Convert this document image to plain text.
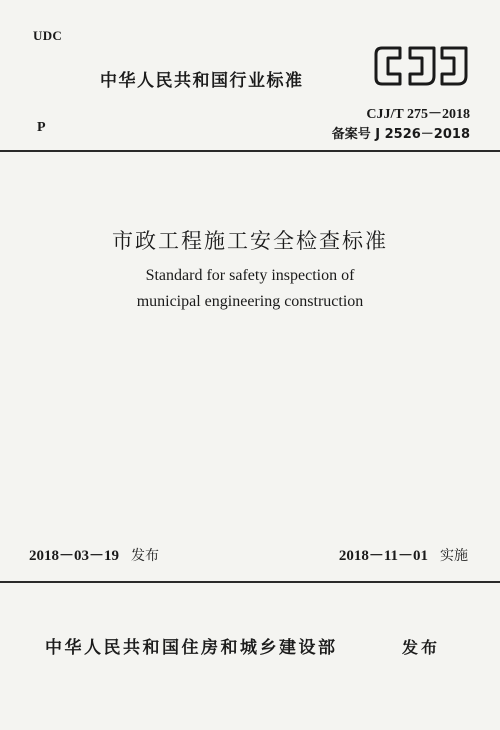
UDC
中华人民共和国行业标准
CJJ/T 275－2018
备案号 J 2526－2018
P
市政工程施工安全检查标准
Standard for safety inspection of
municipal engineering construction
2018－03－19 发布	2018－11－01 实施
中华人民共和国住房和城乡建设部	发布
